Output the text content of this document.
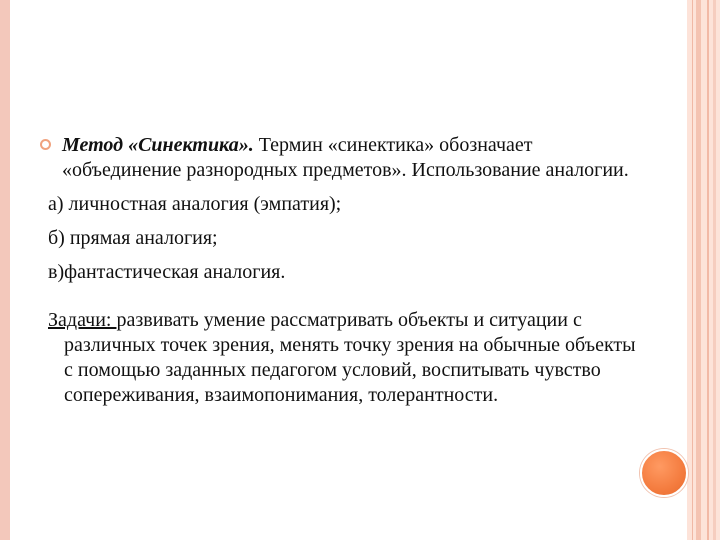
Метод «Синектика». Термин «синектика» обозначает «объединение разнородных предметов». Использование аналогии.

а) личностная аналогия (эмпатия);
б) прямая аналогия;
в)фантастическая аналогия.
Задачи: развивать умение рассматривать объекты и ситуации с различных точек зрения, менять точку зрения на обычные объекты с помощью заданных педагогом условий, воспитывать чувство сопереживания, взаимопонимания, толерантности.
